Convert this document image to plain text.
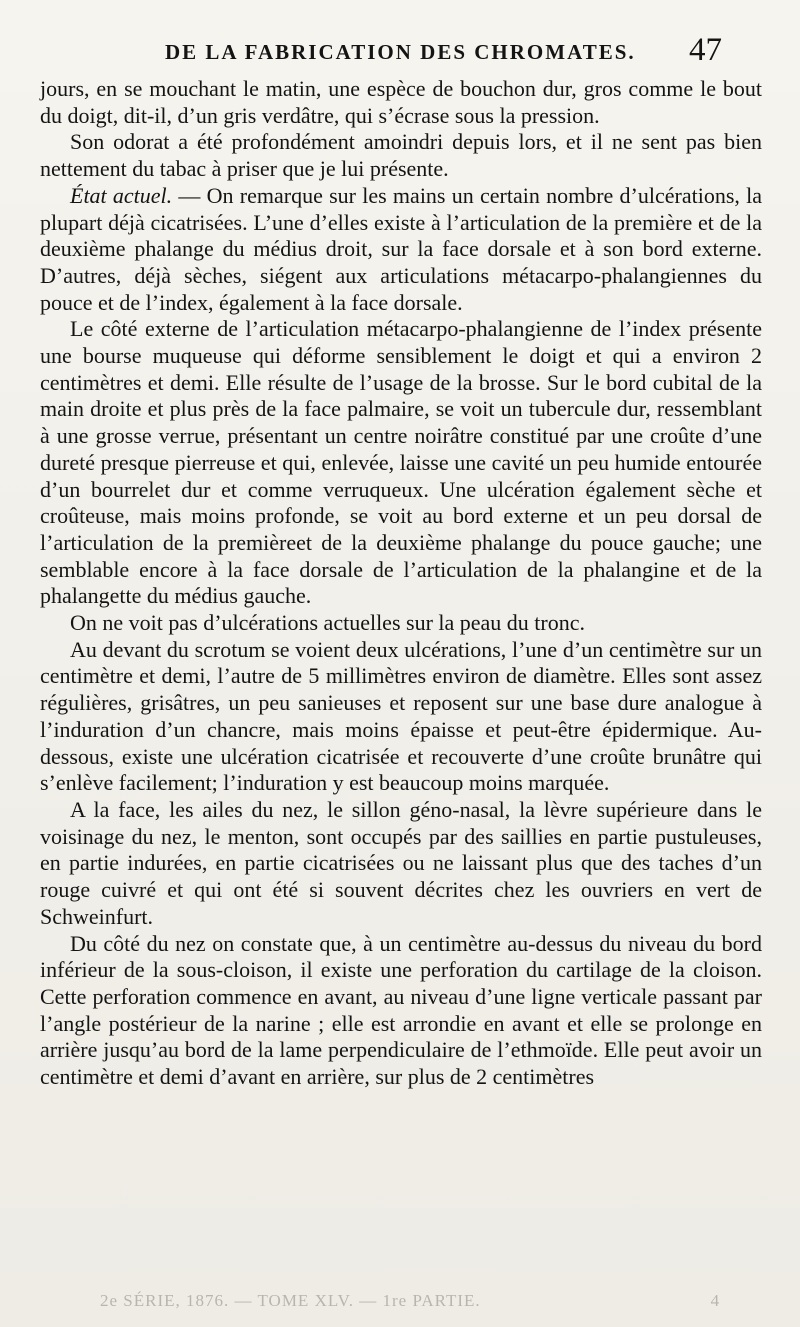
DE LA FABRICATION DES CHROMATES. 47

jours, en se mouchant le matin, une espèce de bouchon dur, gros comme le bout du doigt, dit-il, d’un gris verdâtre, qui s’écrase sous la pression.

Son odorat a été profondément amoindri depuis lors, et il ne sent pas bien nettement du tabac à priser que je lui présente.

État actuel. — On remarque sur les mains un certain nombre d’ulcérations, la plupart déjà cicatrisées. L’une d’elles existe à l’articulation de la première et de la deuxième phalange du médius droit, sur la face dorsale et à son bord externe. D’autres, déjà sèches, siégent aux articulations métacarpo-phalangiennes du pouce et de l’index, également à la face dorsale.

Le côté externe de l’articulation métacarpo-phalangienne de l’index présente une bourse muqueuse qui déforme sensiblement le doigt et qui a environ 2 centimètres et demi. Elle résulte de l’usage de la brosse. Sur le bord cubital de la main droite et plus près de la face palmaire, se voit un tubercule dur, ressemblant à une grosse verrue, présentant un centre noirâtre constitué par une croûte d’une dureté presque pierreuse et qui, enlevée, laisse une cavité un peu humide entourée d’un bourrelet dur et comme verruqueux. Une ulcération également sèche et croûteuse, mais moins profonde, se voit au bord externe et un peu dorsal de l’articulation de la premièreet de la deuxième phalange du pouce gauche; une semblable encore à la face dorsale de l’articulation de la phalangine et de la phalangette du médius gauche.

On ne voit pas d’ulcérations actuelles sur la peau du tronc.

Au devant du scrotum se voient deux ulcérations, l’une d’un centimètre sur un centimètre et demi, l’autre de 5 millimètres environ de diamètre. Elles sont assez régulières, grisâtres, un peu sanieuses et reposent sur une base dure analogue à l’induration d’un chancre, mais moins épaisse et peut-être épidermique. Au-dessous, existe une ulcération cicatrisée et recouverte d’une croûte brunâtre qui s’enlève facilement; l’induration y est beaucoup moins marquée.

A la face, les ailes du nez, le sillon géno-nasal, la lèvre supérieure dans le voisinage du nez, le menton, sont occupés par des saillies en partie pustuleuses, en partie indurées, en partie cicatrisées ou ne laissant plus que des taches d’un rouge cuivré et qui ont été si souvent décrites chez les ouvriers en vert de Schweinfurt.

Du côté du nez on constate que, à un centimètre au-dessus du niveau du bord inférieur de la sous-cloison, il existe une perforation du cartilage de la cloison. Cette perforation commence en avant, au niveau d’une ligne verticale passant par l’angle postérieur de la narine ; elle est arrondie en avant et elle se prolonge en arrière jusqu’au bord de la lame perpendiculaire de l’ethmoïde. Elle peut avoir un centimètre et demi d’avant en arrière, sur plus de 2 centimètres

2e SÉRIE, 1876. — TOME XLV. — 1re PARTIE.	4
